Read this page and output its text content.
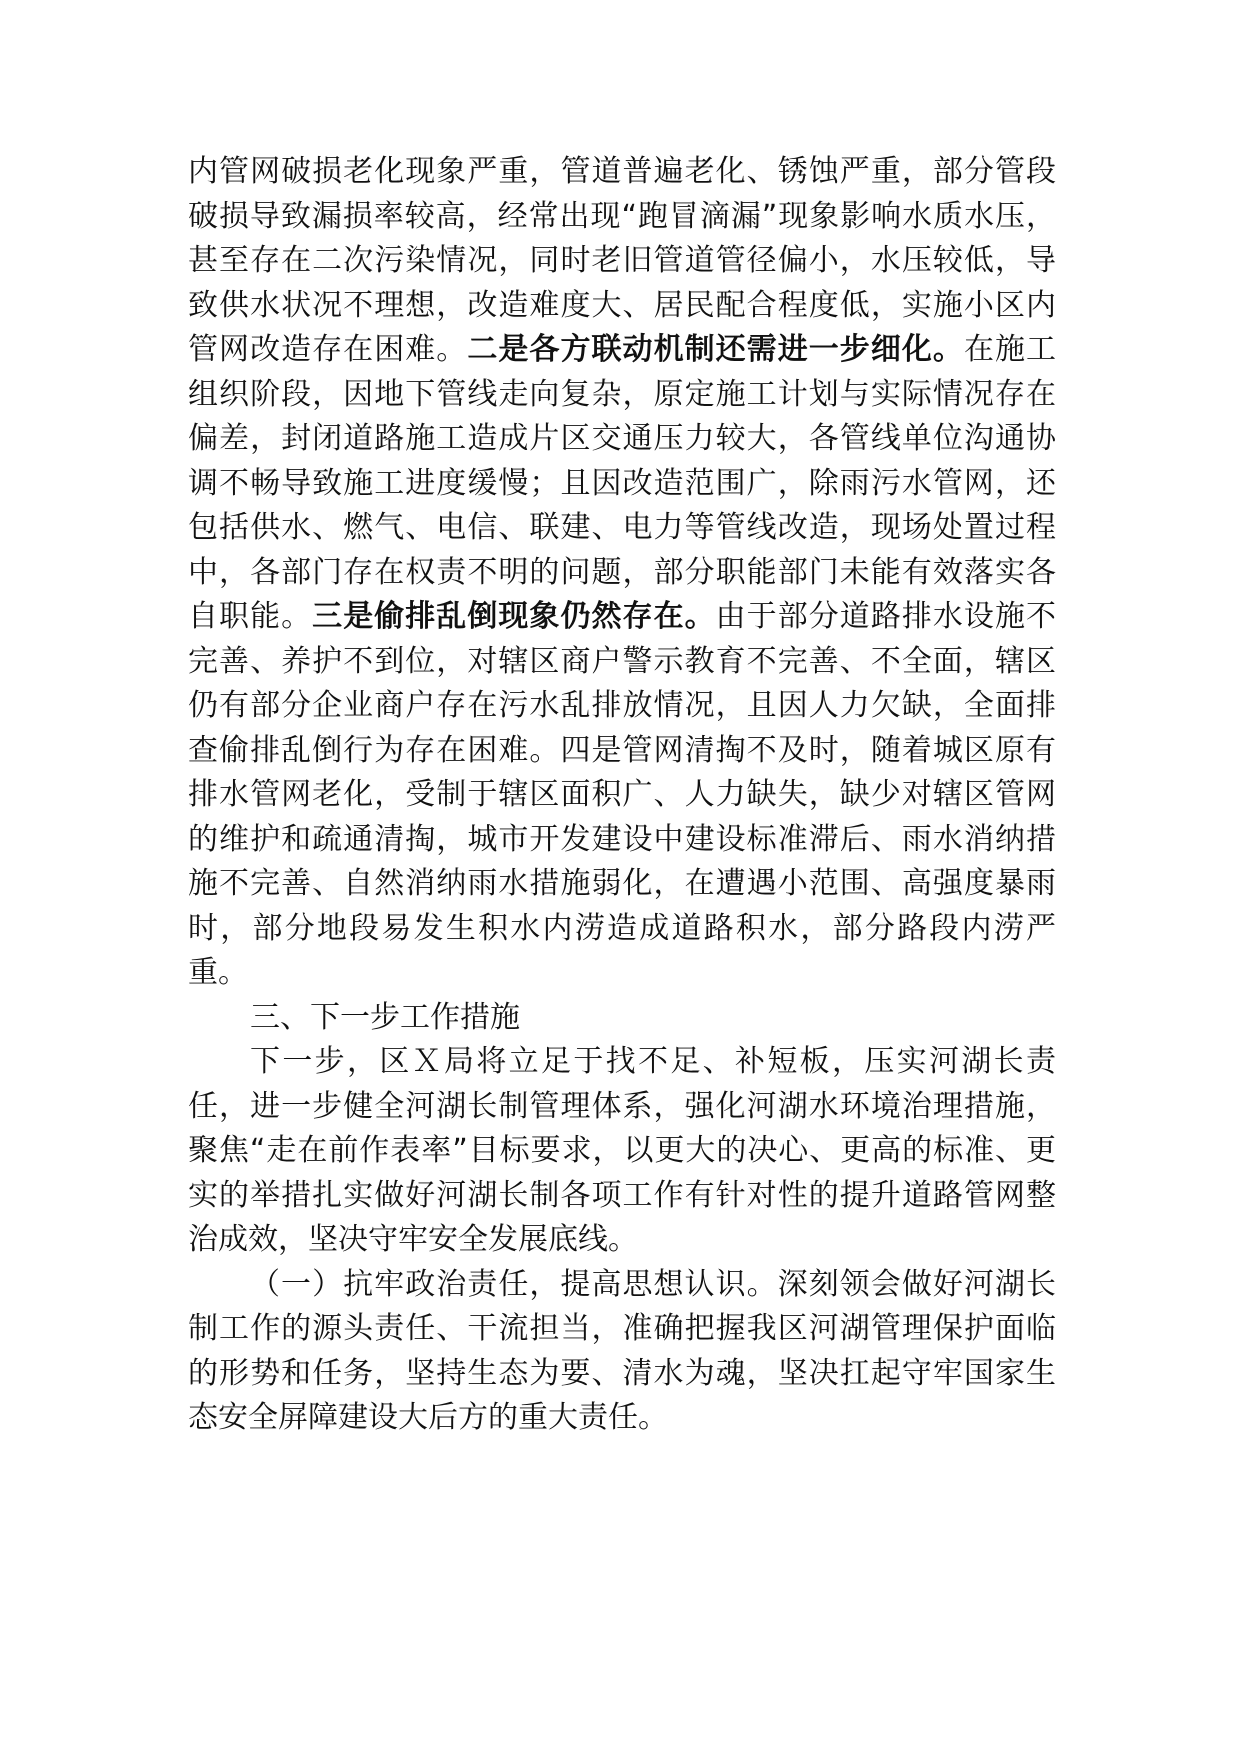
内管网破损老化现象严重，管道普遍老化、锈蚀严重，部分管段破损导致漏损率较高，经常出现“跑冒滴漏”现象影响水质水压，甚至存在二次污染情况，同时老旧管道管径偏小，水压较低，导致供水状况不理想，改造难度大、居民配合程度低，实施小区内管网改造存在困难。二是各方联动机制还需进一步细化。在施工组织阶段，因地下管线走向复杂，原定施工计划与实际情况存在偏差，封闭道路施工造成片区交通压力较大，各管线单位沟通协调不畅导致施工进度缓慢；且因改造范围广，除雨污水管网，还包括供水、燃气、电信、联建、电力等管线改造，现场处置过程中，各部门存在权责不明的问题，部分职能部门未能有效落实各自职能。三是偷排乱倒现象仍然存在。由于部分道路排水设施不完善、养护不到位，对辖区商户警示教育不完善、不全面，辖区仍有部分企业商户存在污水乱排放情况，且因人力欠缺，全面排查偷排乱倒行为存在困难。四是管网清掏不及时，随着城区原有排水管网老化，受制于辖区面积广、人力缺失，缺少对辖区管网的维护和疏通清掏，城市开发建设中建设标准滞后、雨水消纳措施不完善、自然消纳雨水措施弱化，在遭遇小范围、高强度暴雨时，部分地段易发生积水内涝造成道路积水，部分路段内涝严重。

三、下一步工作措施

下一步，区Ｘ局将立足于找不足、补短板，压实河湖长责任，进一步健全河湖长制管理体系，强化河湖水环境治理措施，聚焦“走在前作表率”目标要求，以更大的决心、更高的标准、更实的举措扎实做好河湖长制各项工作有针对性的提升道路管网整治成效，坚决守牢安全发展底线。

（一）抗牢政治责任，提高思想认识。深刻领会做好河湖长制工作的源头责任、干流担当，准确把握我区河湖管理保护面临的形势和任务，坚持生态为要、清水为魂，坚决扛起守牢国家生态安全屏障建设大后方的重大责任。
